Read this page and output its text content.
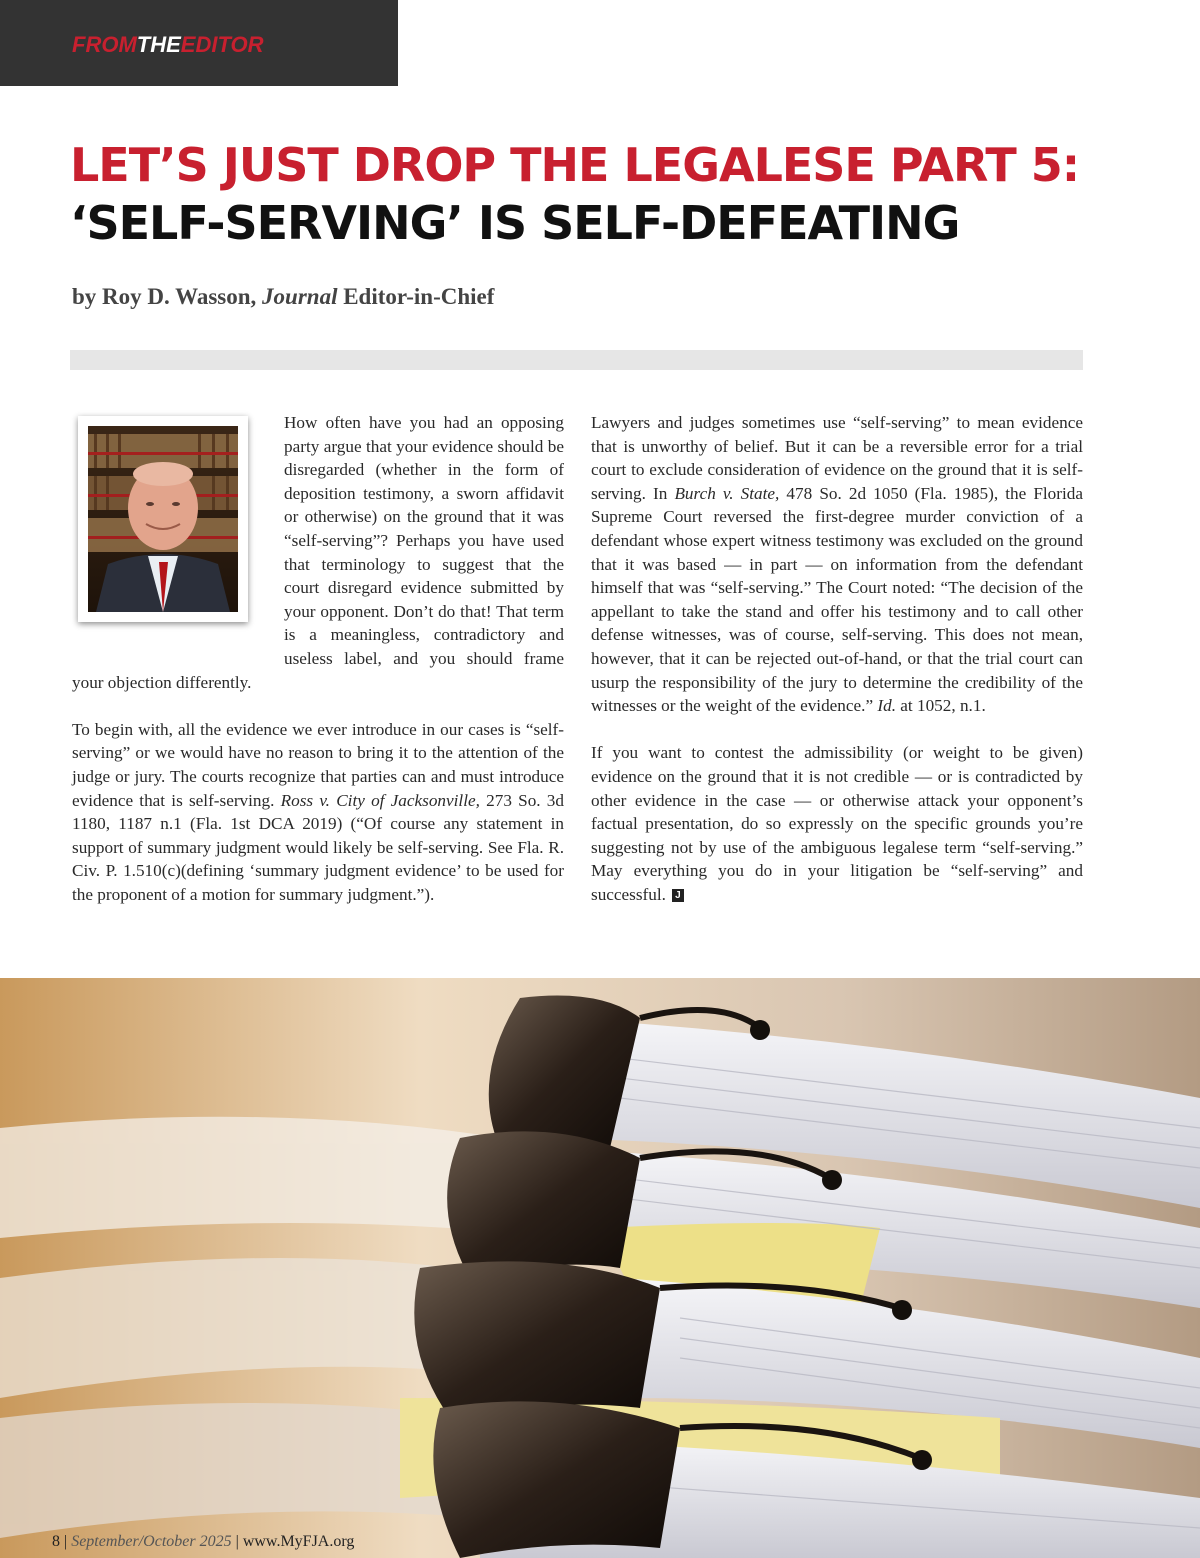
FROMTHEEDITOR
LET’S JUST DROP THE LEGALESE PART 5:
‘SELF-SERVING’ IS SELF-DEFEATING
by Roy D. Wasson, Journal Editor-in-Chief

How often have you had an opposing party argue that your evidence should be disregarded (whether in the form of deposition testimony, a sworn affidavit or otherwise) on the ground that it was “self-serving”? Perhaps you have used that terminology to suggest that the court disregard evidence submitted by your opponent. Don’t do that! That term is a meaningless, contradictory and useless label, and you should frame your objection differently.

To begin with, all the evidence we ever introduce in our cases is “self-serving” or we would have no reason to bring it to the attention of the judge or jury. The courts recognize that parties can and must introduce evidence that is self-serving. Ross v. City of Jacksonville, 273 So. 3d 1180, 1187 n.1 (Fla. 1st DCA 2019) (“Of course any statement in support of summary judgment would likely be self-serving. See Fla. R. Civ. P. 1.510(c)(defining ‘summary judgment evidence’ to be used for the proponent of a motion for summary judgment.”).

Lawyers and judges sometimes use “self-serving” to mean evidence that is unworthy of belief. But it can be a reversible error for a trial court to exclude consideration of evidence on the ground that it is self-serving. In Burch v. State, 478 So. 2d 1050 (Fla. 1985), the Florida Supreme Court reversed the first-degree murder conviction of a defendant whose expert witness testimony was excluded on the ground that it was based — in part — on information from the defendant himself that was “self-serving.” The Court noted: “The decision of the appellant to take the stand and offer his testimony and to call other defense witnesses, was of course, self-serving. This does not mean, however, that it can be rejected out-of-hand, or that the trial court can usurp the responsibility of the jury to determine the credibility of the witnesses or the weight of the evidence.” Id. at 1052, n.1.

If you want to contest the admissibility (or weight to be given) evidence on the ground that it is not credible — or is contradicted by other evidence in the case — or otherwise attack your opponent’s factual presentation, do so expressly on the specific grounds you’re suggesting not by use of the ambiguous legalese term “self-serving.” May everything you do in your litigation be “self-serving” and successful. J

8 | September/October 2025 | www.MyFJA.org
